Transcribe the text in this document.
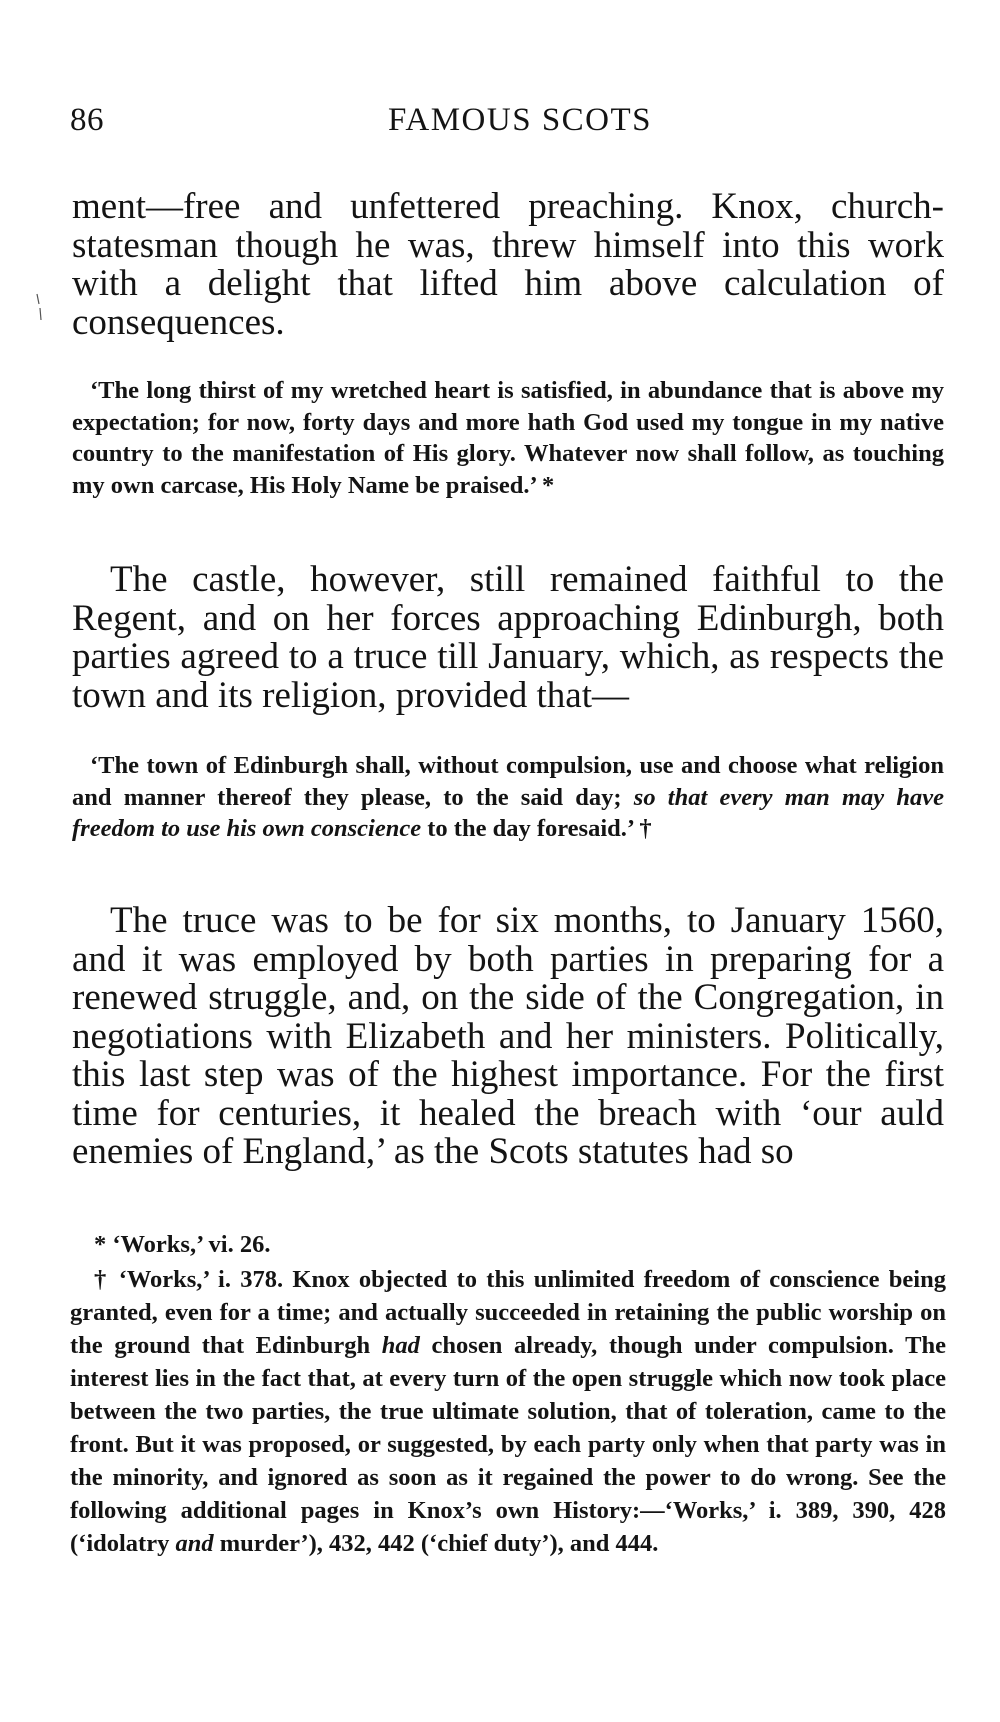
86	FAMOUS SCOTS

ment—free and unfettered preaching. Knox, church-statesman though he was, threw himself into this work with a delight that lifted him above calculation of consequences.

‘The long thirst of my wretched heart is satisfied, in abundance that is above my expectation; for now, forty days and more hath God used my tongue in my native country to the manifestation of His glory. Whatever now shall follow, as touching my own carcase, His Holy Name be praised.’ *

The castle, however, still remained faithful to the Regent, and on her forces approaching Edinburgh, both parties agreed to a truce till January, which, as respects the town and its religion, provided that—

‘The town of Edinburgh shall, without compulsion, use and choose what religion and manner thereof they please, to the said day; so that every man may have freedom to use his own conscience to the day foresaid.’ †

The truce was to be for six months, to January 1560, and it was employed by both parties in preparing for a renewed struggle, and, on the side of the Congregation, in negotiations with Elizabeth and her ministers. Politically, this last step was of the highest importance. For the first time for centuries, it healed the breach with ‘our auld enemies of England,’ as the Scots statutes had so

* ‘Works,’ vi. 26.

† ‘Works,’ i. 378. Knox objected to this unlimited freedom of conscience being granted, even for a time; and actually succeeded in retaining the public worship on the ground that Edinburgh had chosen already, though under compulsion. The interest lies in the fact that, at every turn of the open struggle which now took place between the two parties, the true ultimate solution, that of toleration, came to the front. But it was proposed, or suggested, by each party only when that party was in the minority, and ignored as soon as it regained the power to do wrong. See the following additional pages in Knox’s own History:—‘Works,’ i. 389, 390, 428 (‘idolatry and murder’), 432, 442 (‘chief duty’), and 444.
